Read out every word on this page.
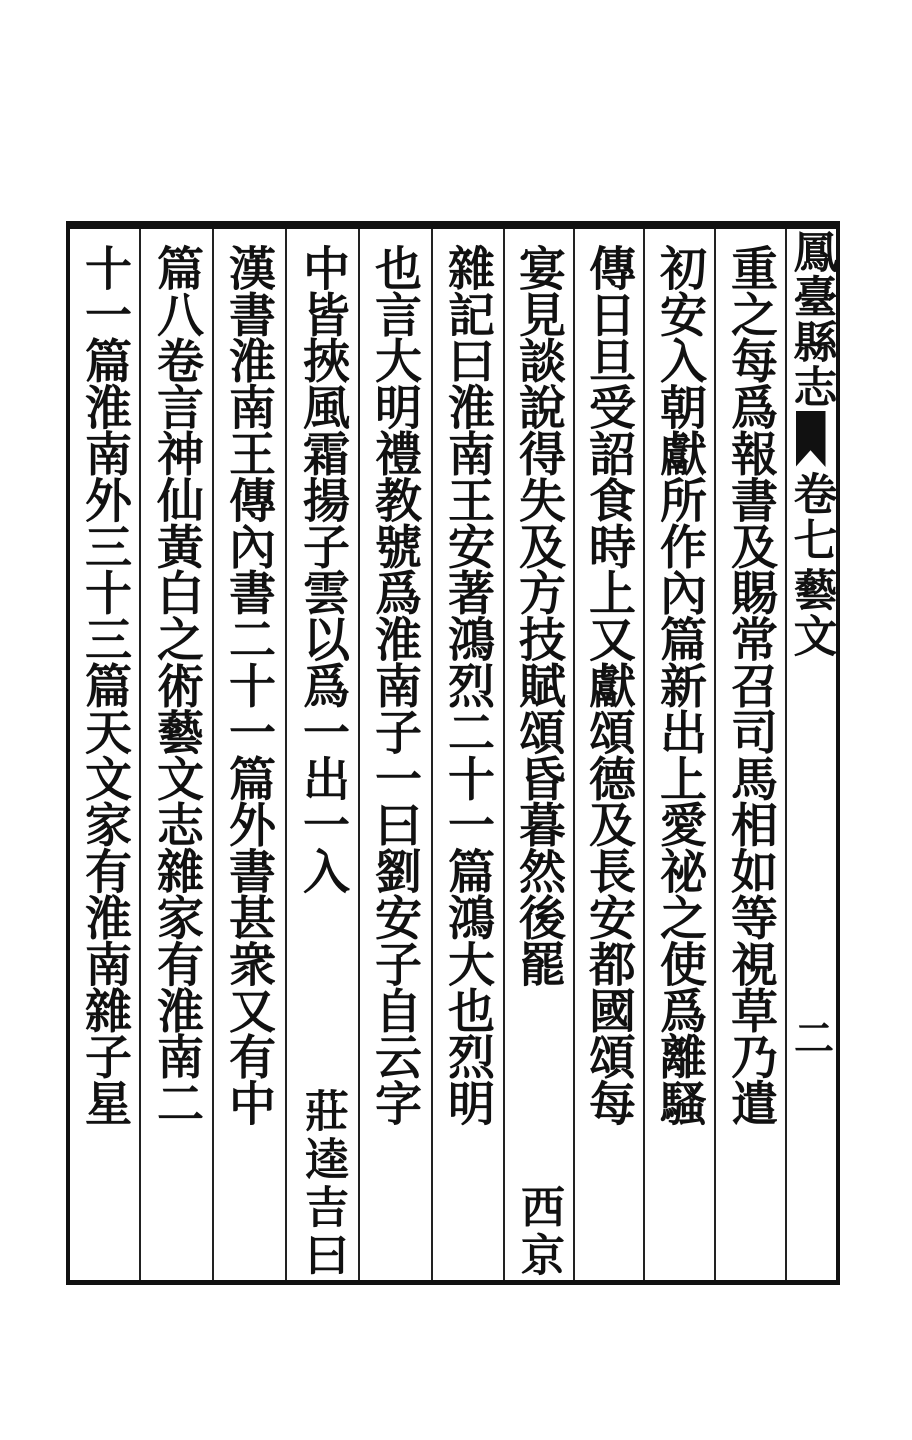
鳳臺縣志
卷七
藝文
二
重之每爲報書及賜常召司馬相如等視草乃遣
初安入朝獻所作內篇新出上愛祕之使爲離騷
傳日旦受詔食時上又獻頌德及長安都國頌每
宴見談說得失及方技賦頌昏暮然後罷
西京
雜記曰淮南王安著鴻烈二十一篇鴻大也烈明
也言大明禮教號爲淮南子一曰劉安子自云字
中皆挾風霜揚子雲以爲一出一入
莊逵吉曰
漢書淮南王傳內書二十一篇外書甚衆又有中
篇八卷言神仙黃白之術藝文志雜家有淮南二
十一篇淮南外三十三篇天文家有淮南雜子星
